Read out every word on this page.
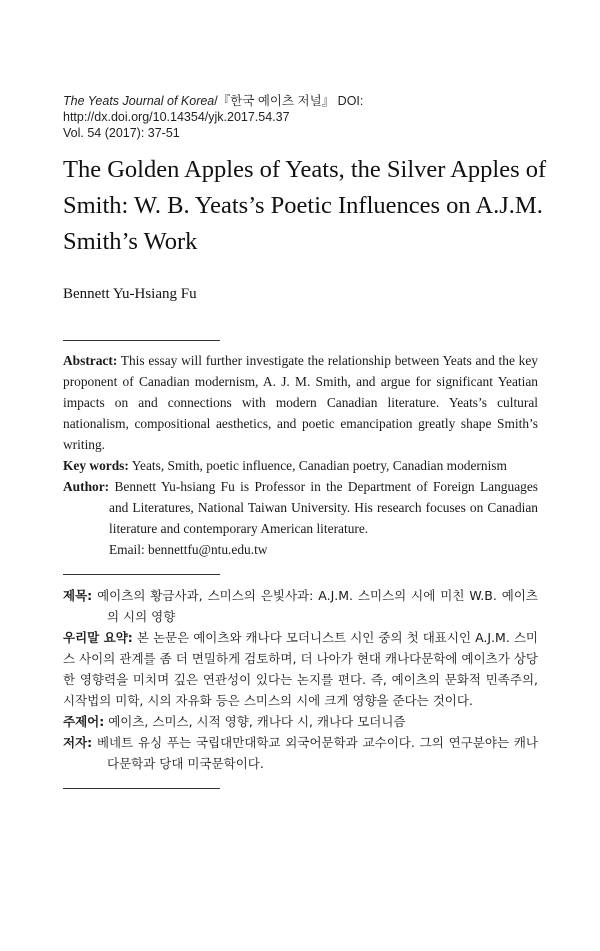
The Yeats Journal of Korea/『한국 예이츠 저널』 DOI: http://dx.doi.org/10.14354/yjk.2017.54.37
Vol. 54 (2017): 37-51
The Golden Apples of Yeats, the Silver Apples of Smith: W. B. Yeats’s Poetic Influences on A.J.M. Smith’s Work
Bennett Yu-Hsiang Fu
Abstract: This essay will further investigate the relationship between Yeats and the key proponent of Canadian modernism, A. J. M. Smith, and argue for significant Yeatian impacts on and connections with modern Canadian literature. Yeats’s cultural nationalism, compositional aesthetics, and poetic emancipation greatly shape Smith’s writing.
Key words: Yeats, Smith, poetic influence, Canadian poetry, Canadian modernism
Author: Bennett Yu-hsiang Fu is Professor in the Department of Foreign Languages and Literatures, National Taiwan University. His research focuses on Canadian literature and contemporary American literature.
Email: bennettfu@ntu.edu.tw
제목: 예이츠의 황금사과, 스미스의 은빛사과: A.J.M. 스미스의 시에 미친 W.B. 예이츠의 시의 영향
우리말 요약: 본 논문은 예이츠와 캐나다 모더니스트 시인 중의 첫 대표시인 A.J.M. 스미스 사이의 관계를 좀 더 면밀하게 검토하며, 더 나아가 현대 캐나다문학에 예이츠가 상당한 영향력을 미치며 깊은 연관성이 있다는 논지를 편다. 즉, 예이츠의 문화적 민족주의, 시작법의 미학, 시의 자유화 등은 스미스의 시에 크게 영향을 준다는 것이다.
주제어: 예이츠, 스미스, 시적 영향, 캐나다 시, 캐나다 모더니즘
저자: 베네트 유싱 푸는 국립대만대학교 외국어문학과 교수이다. 그의 연구분야는 캐나다문학과 당대 미국문학이다.
